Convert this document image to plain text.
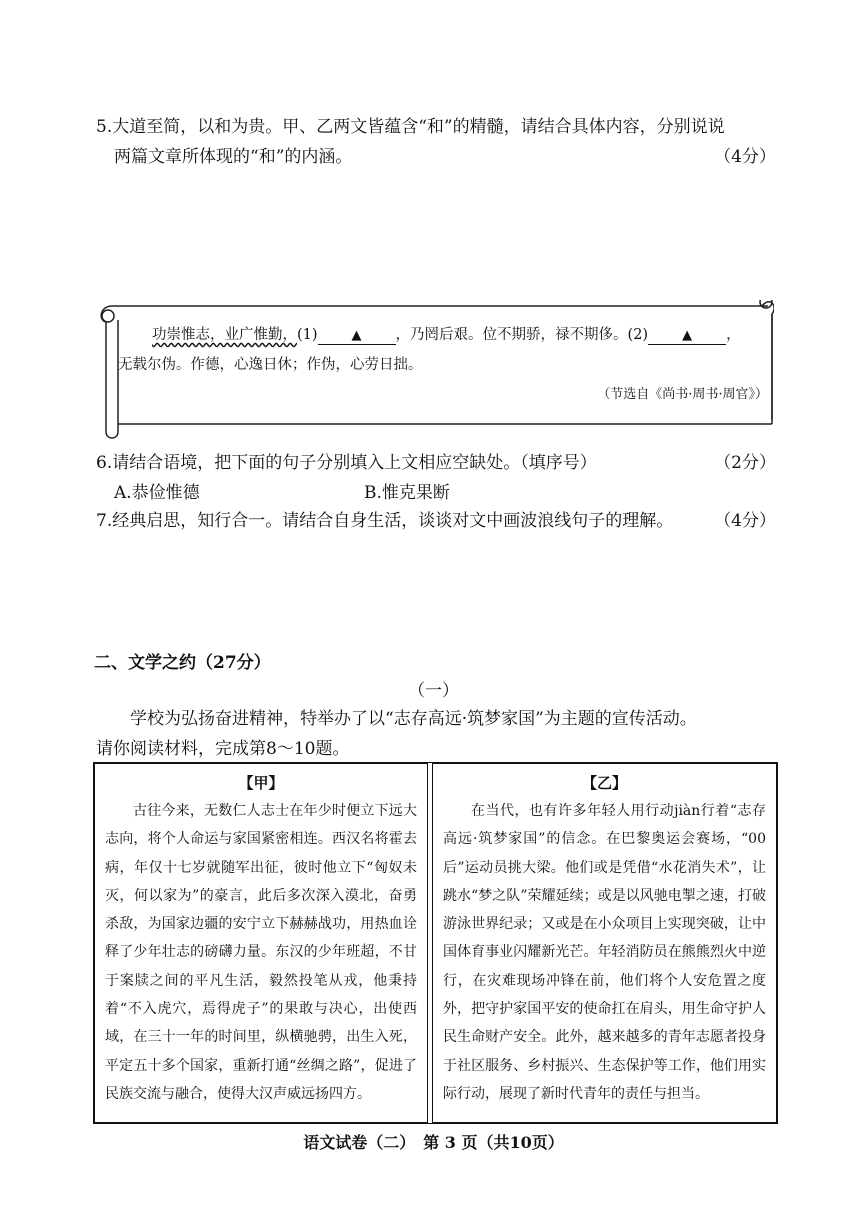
5.大道至简，以和为贵。甲、乙两文皆蕴含“和”的精髓，请结合具体内容，分别说说
两篇文章所体现的“和”的内涵。	（4分）
功崇惟志，业广惟勤，(1)	▲ ，乃罔后艰。位不期骄，禄不期侈。(2)	▲ ，
无载尔伪。作德，心逸日休；作伪，心劳日拙。
（节选自《尚书·周书·周官》）
6.请结合语境，把下面的句子分别填入上文相应空缺处。（填序号）	（2分）
A.恭俭惟德	B.惟克果断
7.经典启思，知行合一。请结合自身生活，谈谈对文中画波浪线句子的理解。 （4分）
二、文学之约（27分）
（一）
学校为弘扬奋进精神，特举办了以“志存高远·筑梦家国”为主题的宣传活动。
请你阅读材料，完成第8～10题。
【甲】
古往今来，无数仁人志士在年少时便立下远大志向，将个人命运与家国紧密相连。西汉名将霍去病，年仅十七岁就随军出征，彼时他立下“匈奴未灭，何以家为”的豪言，此后多次深入漠北，奋勇杀敌，为国家边疆的安宁立下赫赫战功，用热血诠释了少年壮志的磅礴力量。东汉的少年班超，不甘于案牍之间的平凡生活，毅然投笔从戎，他秉持着“不入虎穴，焉得虎子”的果敢与决心，出使西域，在三十一年的时间里，纵横驰骋，出生入死，平定五十多个国家，重新打通“丝绸之路”，促进了民族交流与融合，使得大汉声威远扬四方。
【乙】
在当代，也有许多年轻人用行动jiàn行着“志存高远·筑梦家国”的信念。在巴黎奥运会赛场，“00后”运动员挑大梁。他们或是凭借“水花消失术”，让跳水“梦之队”荣耀延续；或是以风驰电掣之速，打破游泳世界纪录；又或是在小众项目上实现突破，让中国体育事业闪耀新光芒。年轻消防员在熊熊烈火中逆行，在灾难现场冲锋在前，他们将个人安危置之度外，把守护家国平安的使命扛在肩头，用生命守护人民生命财产安全。此外，越来越多的青年志愿者投身于社区服务、乡村振兴、生态保护等工作，他们用实际行动，展现了新时代青年的责任与担当。
语文试卷（二）　第 3 页（共10页）
